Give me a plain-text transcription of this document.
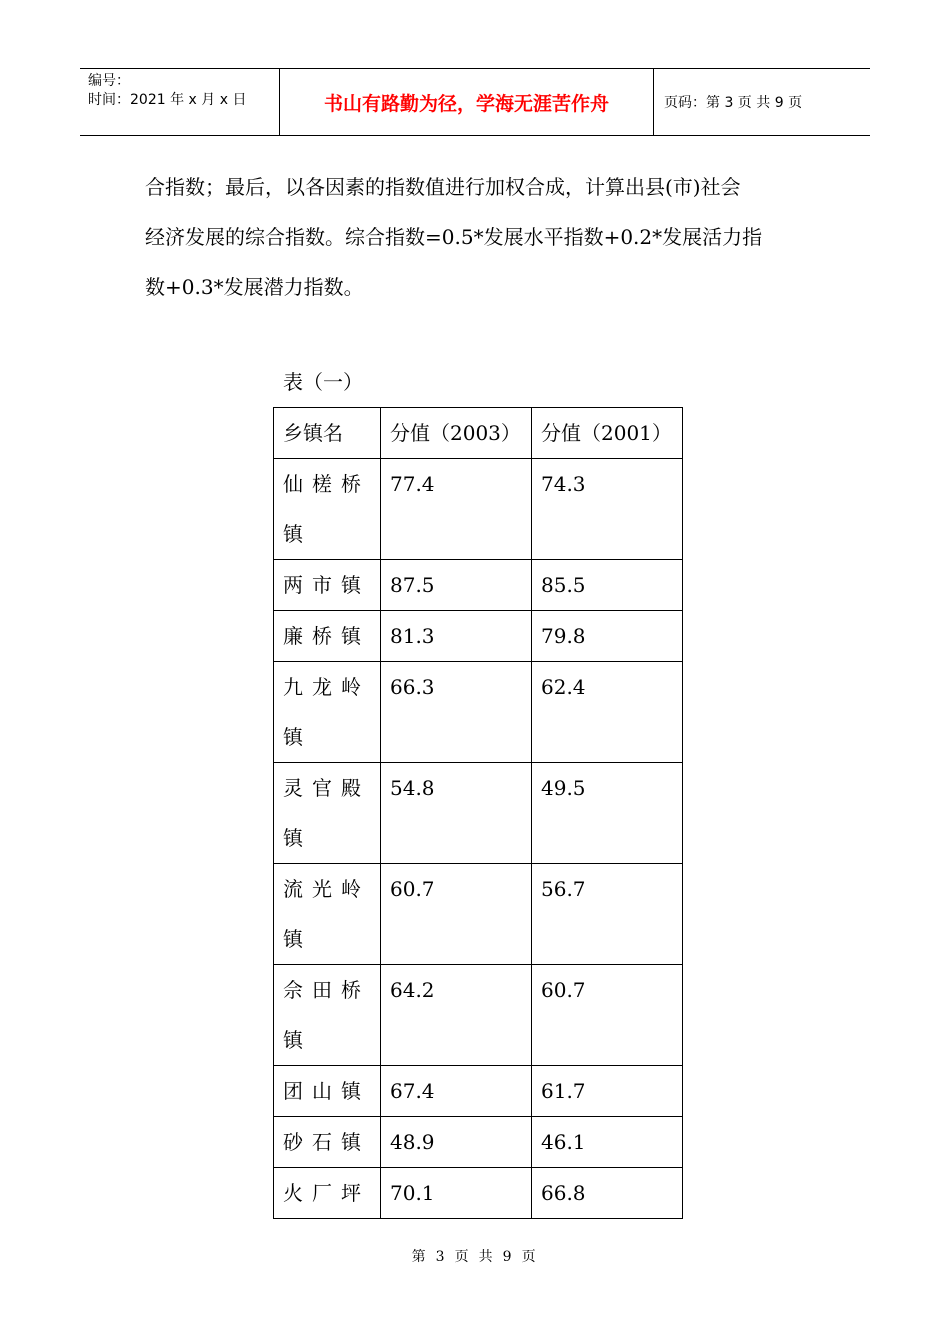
编号：
时间：2021 年 x 月 x 日	书山有路勤为径，学海无涯苦作舟	页码：第 3 页 共 9 页
合指数；最后，以各因素的指数值进行加权合成，计算出县(市)社会
经济发展的综合指数。综合指数=0.5*发展水平指数+0.2*发展活力指
数+0.3*发展潜力指数。
表（一）
乡镇名	分值（2003）	分值（2001）
仙槎桥镇	77.4	74.3
两市镇	87.5	85.5
廉桥镇	81.3	79.8
九龙岭镇	66.3	62.4
灵官殿镇	54.8	49.5
流光岭镇	60.7	56.7
佘田桥镇	64.2	60.7
团山镇	67.4	61.7
砂石镇	48.9	46.1
火厂坪	70.1	66.8
第 3 页 共 9 页
